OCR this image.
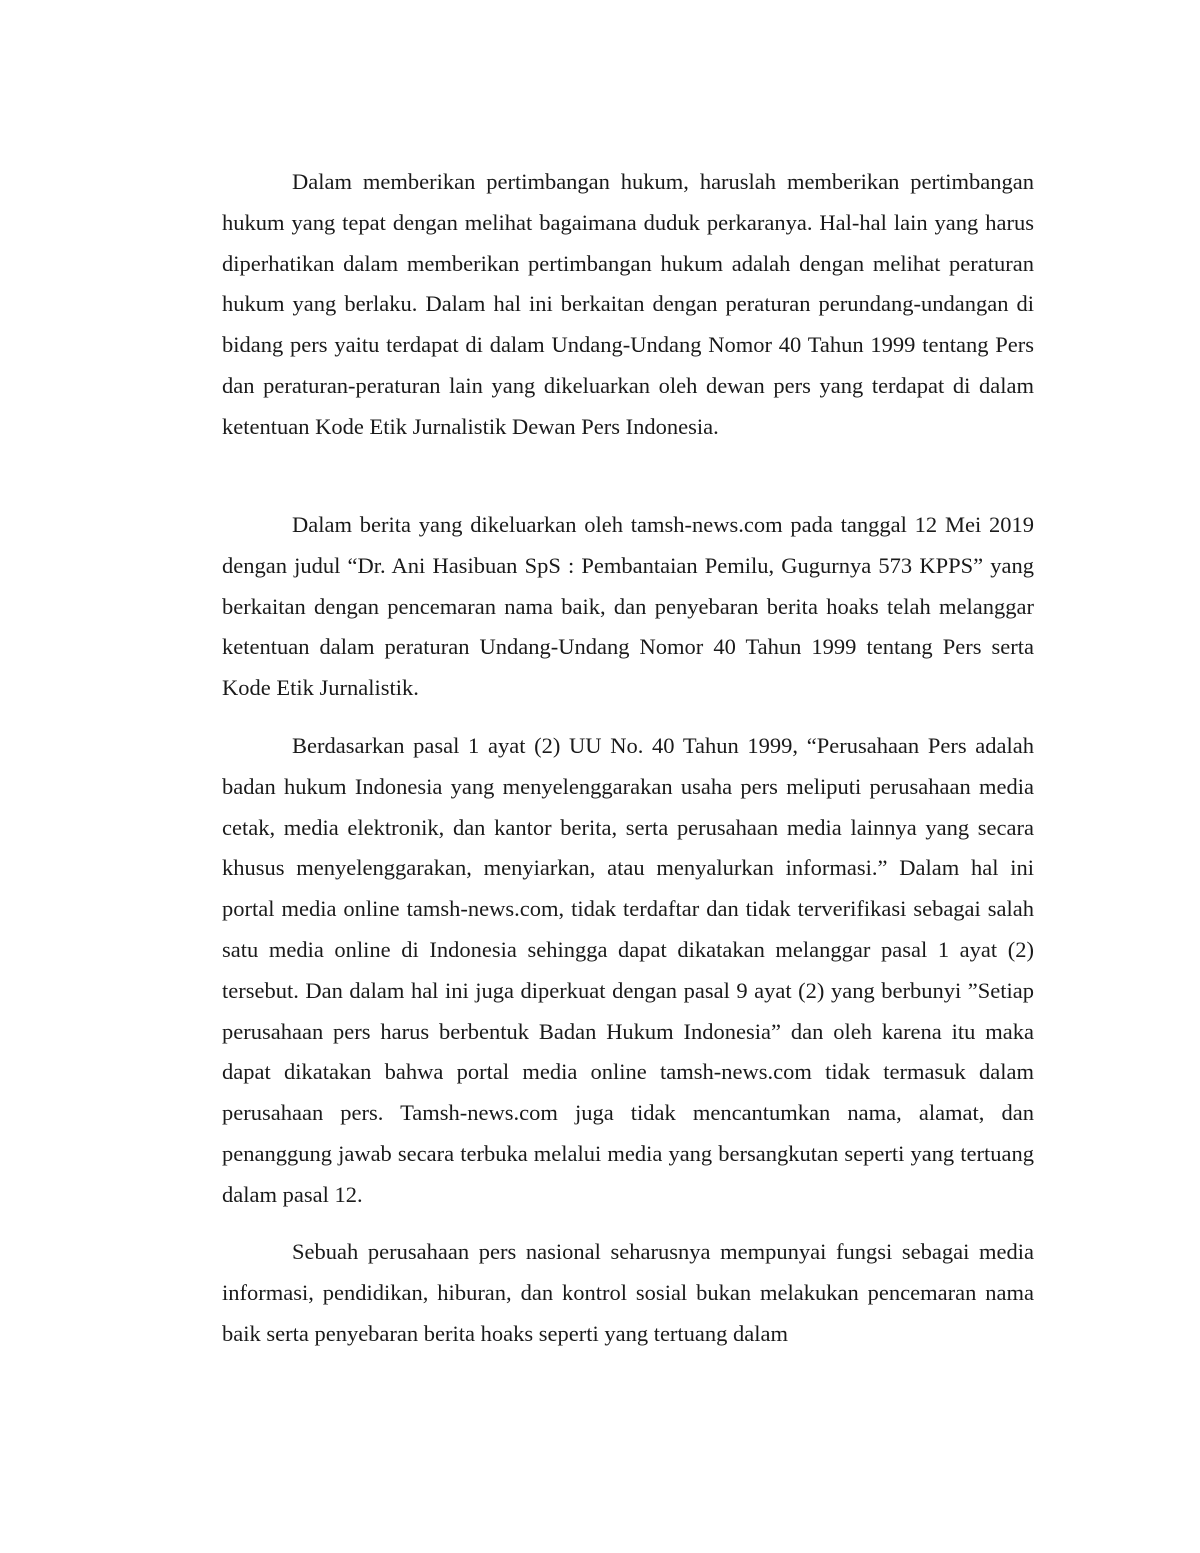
Dalam memberikan pertimbangan hukum, haruslah memberikan pertimbangan hukum yang tepat dengan melihat bagaimana duduk perkaranya. Hal-hal lain yang harus diperhatikan dalam memberikan pertimbangan hukum adalah dengan melihat peraturan hukum yang berlaku. Dalam hal ini berkaitan dengan peraturan perundang-undangan di bidang pers yaitu terdapat di dalam Undang-Undang Nomor 40 Tahun 1999 tentang Pers dan peraturan-peraturan lain yang dikeluarkan oleh dewan pers yang terdapat di dalam ketentuan Kode Etik Jurnalistik Dewan Pers Indonesia.

Dalam berita yang dikeluarkan oleh tamsh-news.com pada tanggal 12 Mei 2019 dengan judul “Dr. Ani Hasibuan SpS : Pembantaian Pemilu, Gugurnya 573 KPPS” yang berkaitan dengan pencemaran nama baik, dan penyebaran berita hoaks telah melanggar ketentuan dalam peraturan Undang-Undang Nomor 40 Tahun 1999 tentang Pers serta Kode Etik Jurnalistik.

Berdasarkan pasal 1 ayat (2) UU No. 40 Tahun 1999, “Perusahaan Pers adalah badan hukum Indonesia yang menyelenggarakan usaha pers meliputi perusahaan media cetak, media elektronik, dan kantor berita, serta perusahaan media lainnya yang secara khusus menyelenggarakan, menyiarkan, atau menyalurkan informasi.” Dalam hal ini portal media online tamsh-news.com, tidak terdaftar dan tidak terverifikasi sebagai salah satu media online di Indonesia sehingga dapat dikatakan melanggar pasal 1 ayat (2) tersebut. Dan dalam hal ini juga diperkuat dengan pasal 9 ayat (2) yang berbunyi ”Setiap perusahaan pers harus berbentuk Badan Hukum Indonesia” dan oleh karena itu maka dapat dikatakan bahwa portal media online tamsh-news.com tidak termasuk dalam perusahaan pers. Tamsh-news.com juga tidak mencantumkan nama, alamat, dan penanggung jawab secara terbuka melalui media yang bersangkutan seperti yang tertuang dalam pasal 12.

Sebuah perusahaan pers nasional seharusnya mempunyai fungsi sebagai media informasi, pendidikan, hiburan, dan kontrol sosial bukan melakukan pencemaran nama baik serta penyebaran berita hoaks seperti yang tertuang dalam
